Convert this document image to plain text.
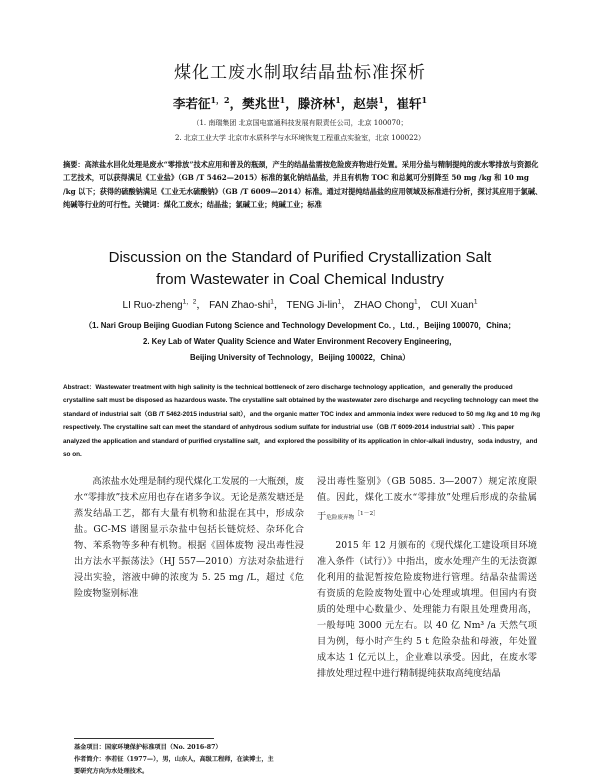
煤化工废水制取结晶盐标准探析
李若征$^{1,2}$，樊兆世$^1$，滕济林$^1$，赵崇$^1$，崔轩$^1$
（1. 南瑞集团 北京国电富通科技发展有限责任公司，北京 100070；
2. 北京工业大学 北京市水质科学与水环境恢复工程重点实验室，北京 100022）
摘要：高浓盐水回化处理是废水“零排放”技术应用和普及的瓶颈，产生的结晶盐需按危险废弃物进行处置。采用分盐与精制提纯的废水零排放与资源化工艺技术，可以获得满足《工业盐》（GB /T 5462—2015）标准的氯化钠结晶盐，并且有机物 TOC 和总氮可分别降至 50 mg /kg 和 10 mg /kg 以下；获得的硫酸钠满足《工业无水硫酸钠》（GB /T 6009—2014）标准。通过对提纯结晶盐的应用领域及标准进行分析，探讨其应用于氯碱、纯碱等行业的可行性。关键词：煤化工废水；结晶盐；氯碱工业；纯碱工业；标准
Discussion on the Standard of Purified Crystallization Salt
from Wastewater in Coal Chemical Industry
LI Ruo-zheng$^{1,2}$， FAN Zhao-shi$^1$， TENG Ji-lin$^1$， ZHAO Chong$^1$， CUI Xuan$^1$
（1. Nari Group Beijing Guodian Futong Science and Technology Development Co．，Ltd．，Beijing 100070，China；
2. Key Lab of Water Quality Science and Water Environment Recovery Engineering，
Beijing University of Technology，Beijing 100022，China）
Abstract：Wastewater treatment with high salinity is the technical bottleneck of zero discharge technology application，and generally the produced crystalline salt must be disposed as hazardous waste. The crystalline salt obtained by the wastewater zero discharge and recycling technology can meet the standard of industrial salt（GB /T 5462-2015 industrial salt），and the organic matter TOC index and ammonia index were reduced to 50 mg /kg and 10 mg /kg respectively. The crystalline salt can meet the standard of anhydrous sodium sulfate for industrial use（GB /T 6009-2014 industrial salt）. This paper analyzed the application and standard of purified crystalline salt，and explored the possibility of its application in chlor-alkali industry，soda industry，and so on.
高浓盐水处理是制约现代煤化工发展的一大瓶颈，废水“零排放”技术应用也存在诸多争议。无论是蒸发塘还是蒸发结晶工艺，都有大量有机物和盐混在其中，形成杂盐。GC-MS 谱图显示杂盐中包括长链烷烃、杂环化合物、苯系物等多种有机物。根据《固体废物 浸出毒性浸出方法水平振荡法》（HJ 557—2010）方法对杂盐进行浸出实验，溶液中砷的浓度为 5. 25 mg /L，超过《危险废物鉴别标准
浸出毒性鉴别》（GB 5085. 3—2007）规定浓度限值。因此，煤化工废水“零排放”处理后形成的杂盐属于危险废弃物$^{[1-2]}$
2015 年 12 月颁布的《现代煤化工建设项目环境准入条件（试行）》中指出，废水处理产生的无法资源化利用的盐泥暂按危险废物进行管理。结晶杂盐需送有资质的危险废物处置中心处理或填埋。但国内有资质的处理中心数量少、处理能力有限且处理费用高，一般每吨 3000 元左右。以 40 亿 Nm³ /a 天然气项目为例，每小时产生约 5 t 危险杂盐和母液，年处置成本达 1 亿元以上，企业难以承受。因此，在废水零排放处理过程中进行精制提纯获取高纯度结晶
基金项目：国家环境保护标准项目（No. 2016-87）
作者简介：李若征（1977—），男，山东人，高级工程师，在读博士，主
要研究方向为水处理技术。
